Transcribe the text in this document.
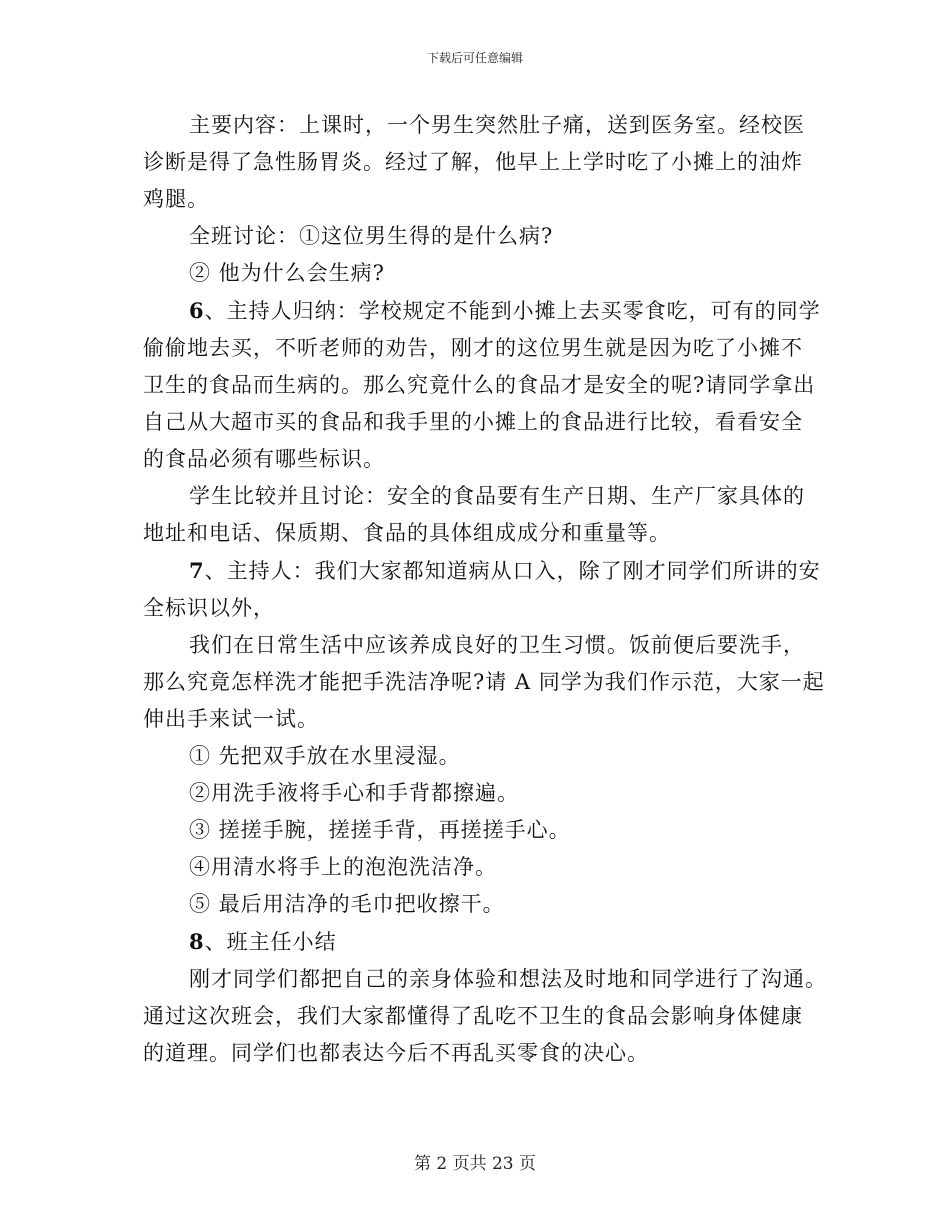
下载后可任意编辑

主要内容：上课时，一个男生突然肚子痛，送到医务室。经校医

诊断是得了急性肠胃炎。经过了解，他早上上学时吃了小摊上的油炸

鸡腿。

全班讨论：①这位男生得的是什么病?

② 他为什么会生病?

6、主持人归纳：学校规定不能到小摊上去买零食吃，可有的同学

偷偷地去买，不听老师的劝告，刚才的这位男生就是因为吃了小摊不

卫生的食品而生病的。那么究竟什么的食品才是安全的呢?请同学拿出

自己从大超市买的食品和我手里的小摊上的食品进行比较，看看安全

的食品必须有哪些标识。

学生比较并且讨论：安全的食品要有生产日期、生产厂家具体的

地址和电话、保质期、食品的具体组成成分和重量等。

7、主持人：我们大家都知道病从口入，除了刚才同学们所讲的安

全标识以外，

我们在日常生活中应该养成良好的卫生习惯。饭前便后要洗手，

那么究竟怎样洗才能把手洗洁净呢?请 A 同学为我们作示范，大家一起

伸出手来试一试。

① 先把双手放在水里浸湿。

②用洗手液将手心和手背都擦遍。

③ 搓搓手腕，搓搓手背，再搓搓手心。

④用清水将手上的泡泡洗洁净。

⑤ 最后用洁净的毛巾把收擦干。

8、班主任小结

刚才同学们都把自己的亲身体验和想法及时地和同学进行了沟通。

通过这次班会，我们大家都懂得了乱吃不卫生的食品会影响身体健康

的道理。同学们也都表达今后不再乱买零食的决心。

第 2 页共 23 页
